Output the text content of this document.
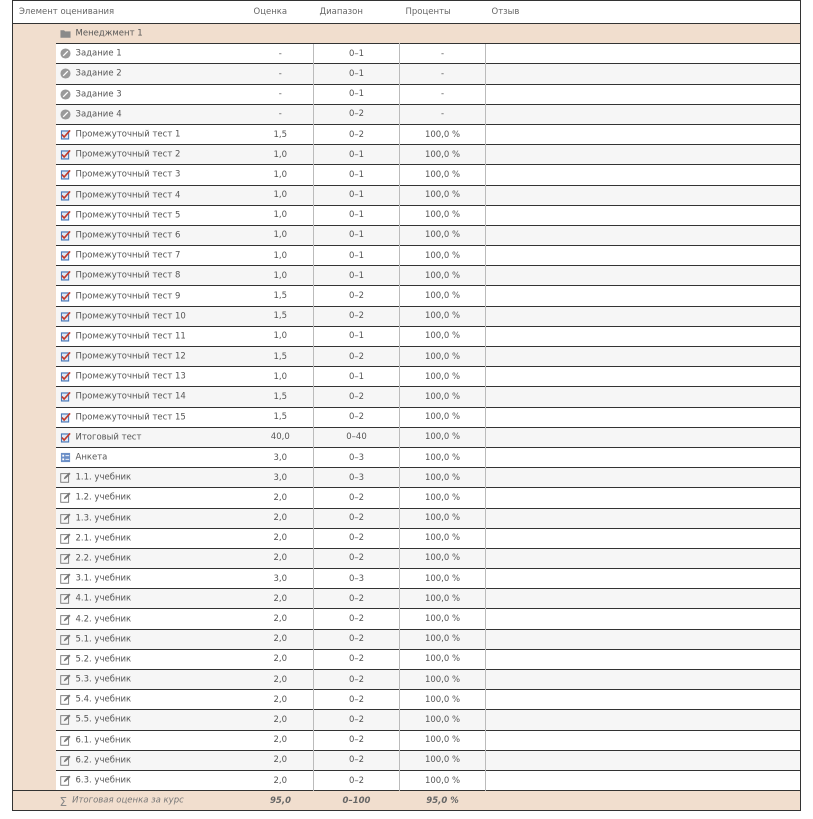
Элемент оценивания		Оценка	Диапазон	Проценты	Отзыв
	Менеджмент 1				
	Задание 1	-	0–1	-	
	Задание 2	-	0–1	-	
	Задание 3	-	0–1	-	
	Задание 4	-	0–2	-	
	Промежуточный тест 1	1,5	0–2	100,0 %	
	Промежуточный тест 2	1,0	0–1	100,0 %	
	Промежуточный тест 3	1,0	0–1	100,0 %	
	Промежуточный тест 4	1,0	0–1	100,0 %	
	Промежуточный тест 5	1,0	0–1	100,0 %	
	Промежуточный тест 6	1,0	0–1	100,0 %	
	Промежуточный тест 7	1,0	0–1	100,0 %	
	Промежуточный тест 8	1,0	0–1	100,0 %	
	Промежуточный тест 9	1,5	0–2	100,0 %	
	Промежуточный тест 10	1,5	0–2	100,0 %	
	Промежуточный тест 11	1,0	0–1	100,0 %	
	Промежуточный тест 12	1,5	0–2	100,0 %	
	Промежуточный тест 13	1,0	0–1	100,0 %	
	Промежуточный тест 14	1,5	0–2	100,0 %	
	Промежуточный тест 15	1,5	0–2	100,0 %	
	Итоговый тест	40,0	0–40	100,0 %	
	Анкета	3,0	0–3	100,0 %	
	1.1. учебник	3,0	0–3	100,0 %	
	1.2. учебник	2,0	0–2	100,0 %	
	1.3. учебник	2,0	0–2	100,0 %	
	2.1. учебник	2,0	0–2	100,0 %	
	2.2. учебник	2,0	0–2	100,0 %	
	3.1. учебник	3,0	0–3	100,0 %	
	4.1. учебник	2,0	0–2	100,0 %	
	4.2. учебник	2,0	0–2	100,0 %	
	5.1. учебник	2,0	0–2	100,0 %	
	5.2. учебник	2,0	0–2	100,0 %	
	5.3. учебник	2,0	0–2	100,0 %	
	5.4. учебник	2,0	0–2	100,0 %	
	5.5. учебник	2,0	0–2	100,0 %	
	6.1. учебник	2,0	0–2	100,0 %	
	6.2. учебник	2,0	0–2	100,0 %	
	6.3. учебник	2,0	0–2	100,0 %	
	Σ Итоговая оценка за курс	95,0	0–100	95,0 %	
